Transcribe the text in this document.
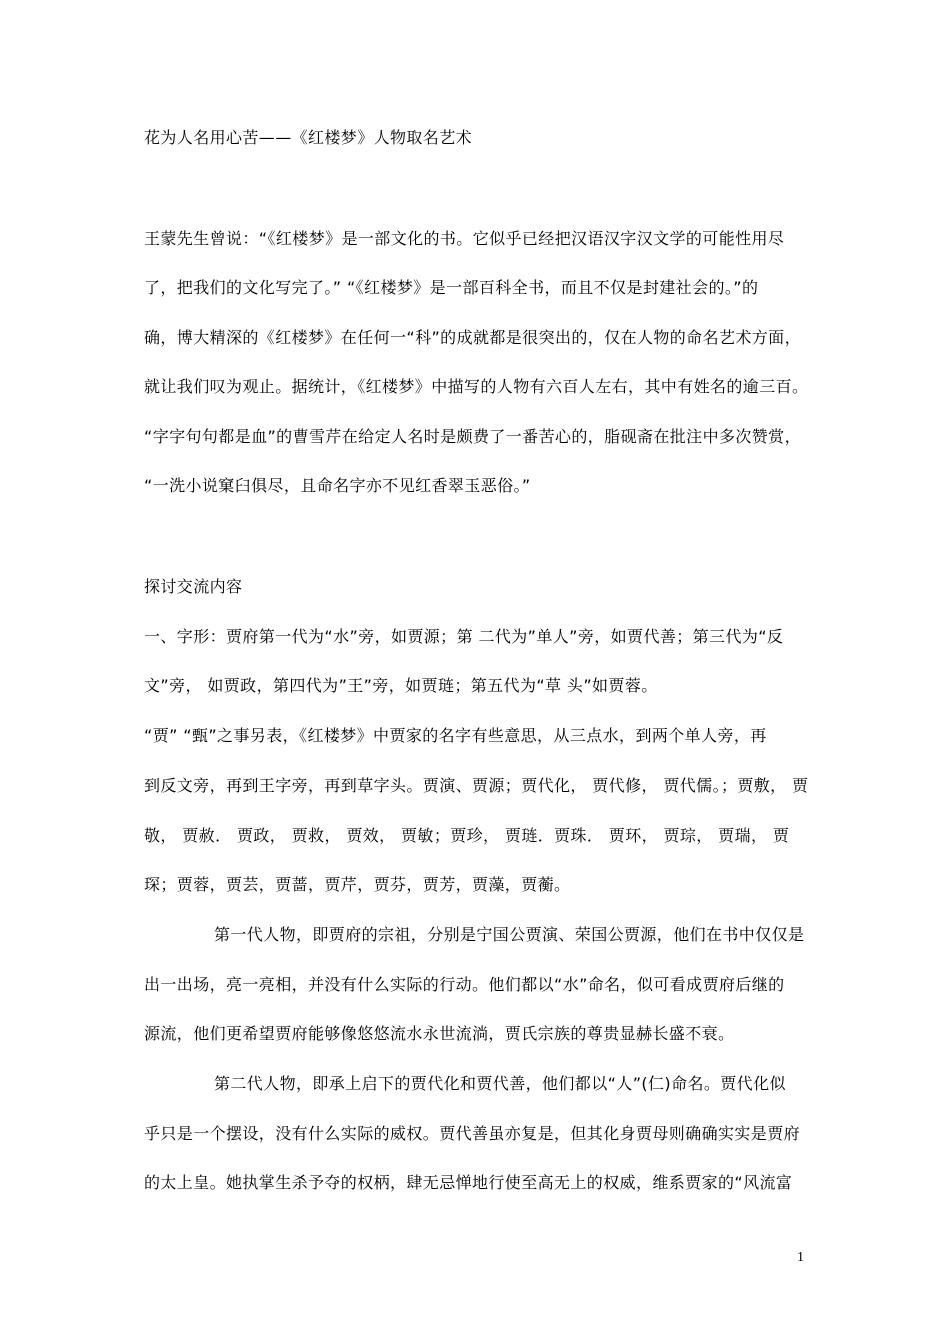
花为人名用心苦——《红楼梦》人物取名艺术
王蒙先生曾说：“《红楼梦》是一部文化的书。它似乎已经把汉语汉字汉文学的可能性用尽
了，把我们的文化写完了。” “《红楼梦》是一部百科全书，而且不仅是封建社会的。”的
确，博大精深的《红楼梦》在任何一“科”的成就都是很突出的，仅在人物的命名艺术方面，
就让我们叹为观止。据统计，《红楼梦》中描写的人物有六百人左右，其中有姓名的逾三百。
“字字句句都是血”的曹雪芹在给定人名时是颇费了一番苦心的，脂砚斋在批注中多次赞赏，
“一洗小说窠臼俱尽，且命名字亦不见红香翠玉恶俗。”
探讨交流内容
一、字形：贾府第一代为“水”旁，如贾源；第 二代为”单人”旁，如贾代善；第三代为“反
文”旁， 如贾政，第四代为”王”旁，如贾琏；第五代为“草 头”如贾蓉。
“贾” “甄”之事另表，《红楼梦》中贾家的名字有些意思，从三点水，到两个单人旁，再
到反文旁，再到王字旁，再到草字头。贾演、贾源；贾代化， 贾代修， 贾代儒。；贾敷， 贾
敬， 贾赦． 贾政， 贾救， 贾效， 贾敏；贾珍， 贾琏．贾珠． 贾环， 贾琮， 贾瑞， 贾
琛；贾蓉，贾芸，贾蔷，贾芹，贾芬，贾芳，贾藻，贾蘅。
第一代人物，即贾府的宗祖，分别是宁国公贾演、荣国公贾源，他们在书中仅仅是
出一出场，亮一亮相，并没有什么实际的行动。他们都以“水”命名，似可看成贾府后继的
源流，他们更希望贾府能够像悠悠流水永世流淌，贾氏宗族的尊贵显赫长盛不衰。
第二代人物，即承上启下的贾代化和贾代善，他们都以“人”(仁)命名。贾代化似
乎只是一个摆设，没有什么实际的威权。贾代善虽亦复是，但其化身贾母则确确实实是贾府
的太上皇。她执掌生杀予夺的权柄，肆无忌惮地行使至高无上的权威，维系贾家的“风流富
1
